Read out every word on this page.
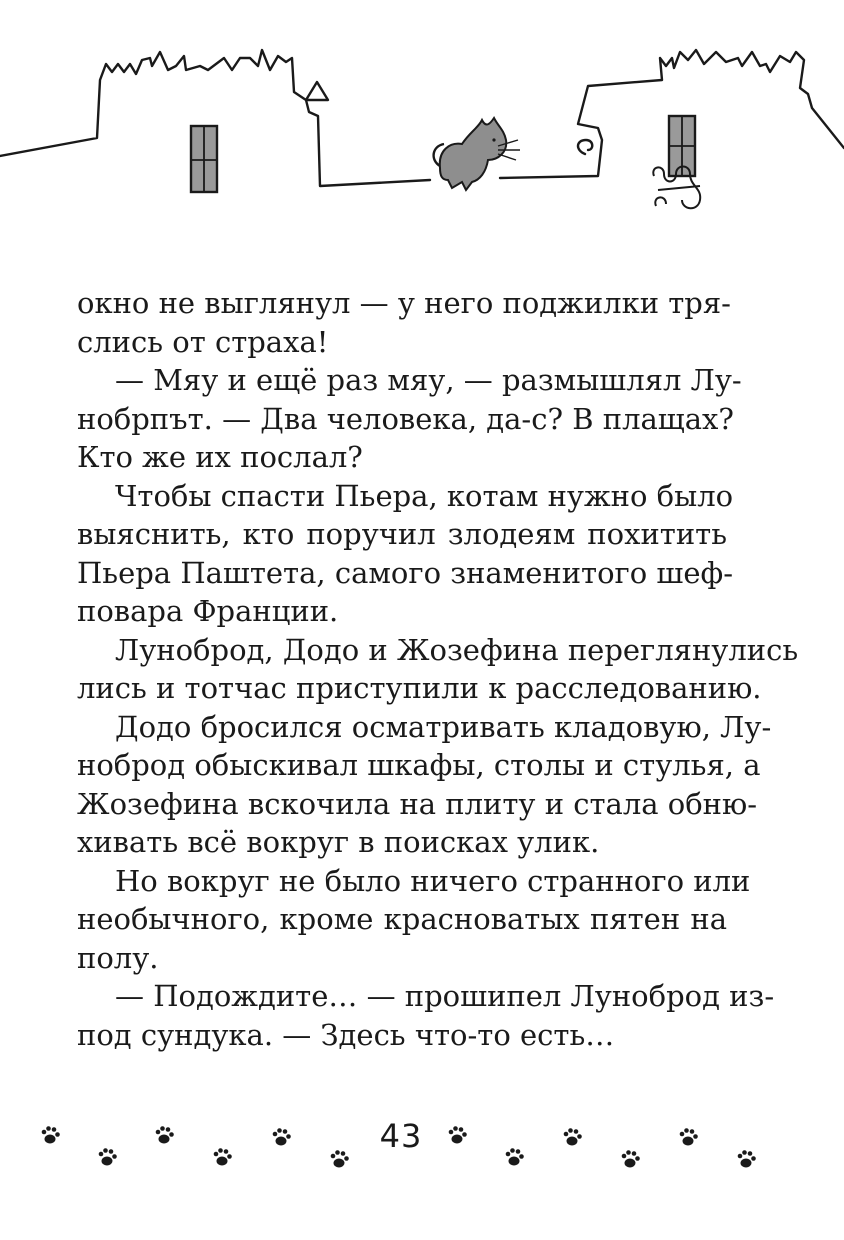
окно не выглянул — у него поджилки тря-
слись от страха!
— Мяу и ещё раз мяу, — размышлял Лу-
нобрпът. — Два человека, да-с? В плащах?
Кто же их послал?
Чтобы спасти Пьера, котам нужно было
выяснить, кто поручил злодеям похитить
Пьера Паштета, самого знаменитого шеф-
повара Франции.
Луноброд, Додо и Жозефина переглянулись
лись и тотчас приступили к расследованию.
Додо бросился осматривать кладовую, Лу-
ноброд обыскивал шкафы, столы и стулья, а
Жозефина вскочила на плиту и стала обню-
хивать всё вокруг в поисках улик.
Но вокруг не было ничего странного или
необычного, кроме красноватых пятен на
полу.
— Подождите… — прошипел Луноброд из-
под сундука. — Здесь что-то есть…
43
